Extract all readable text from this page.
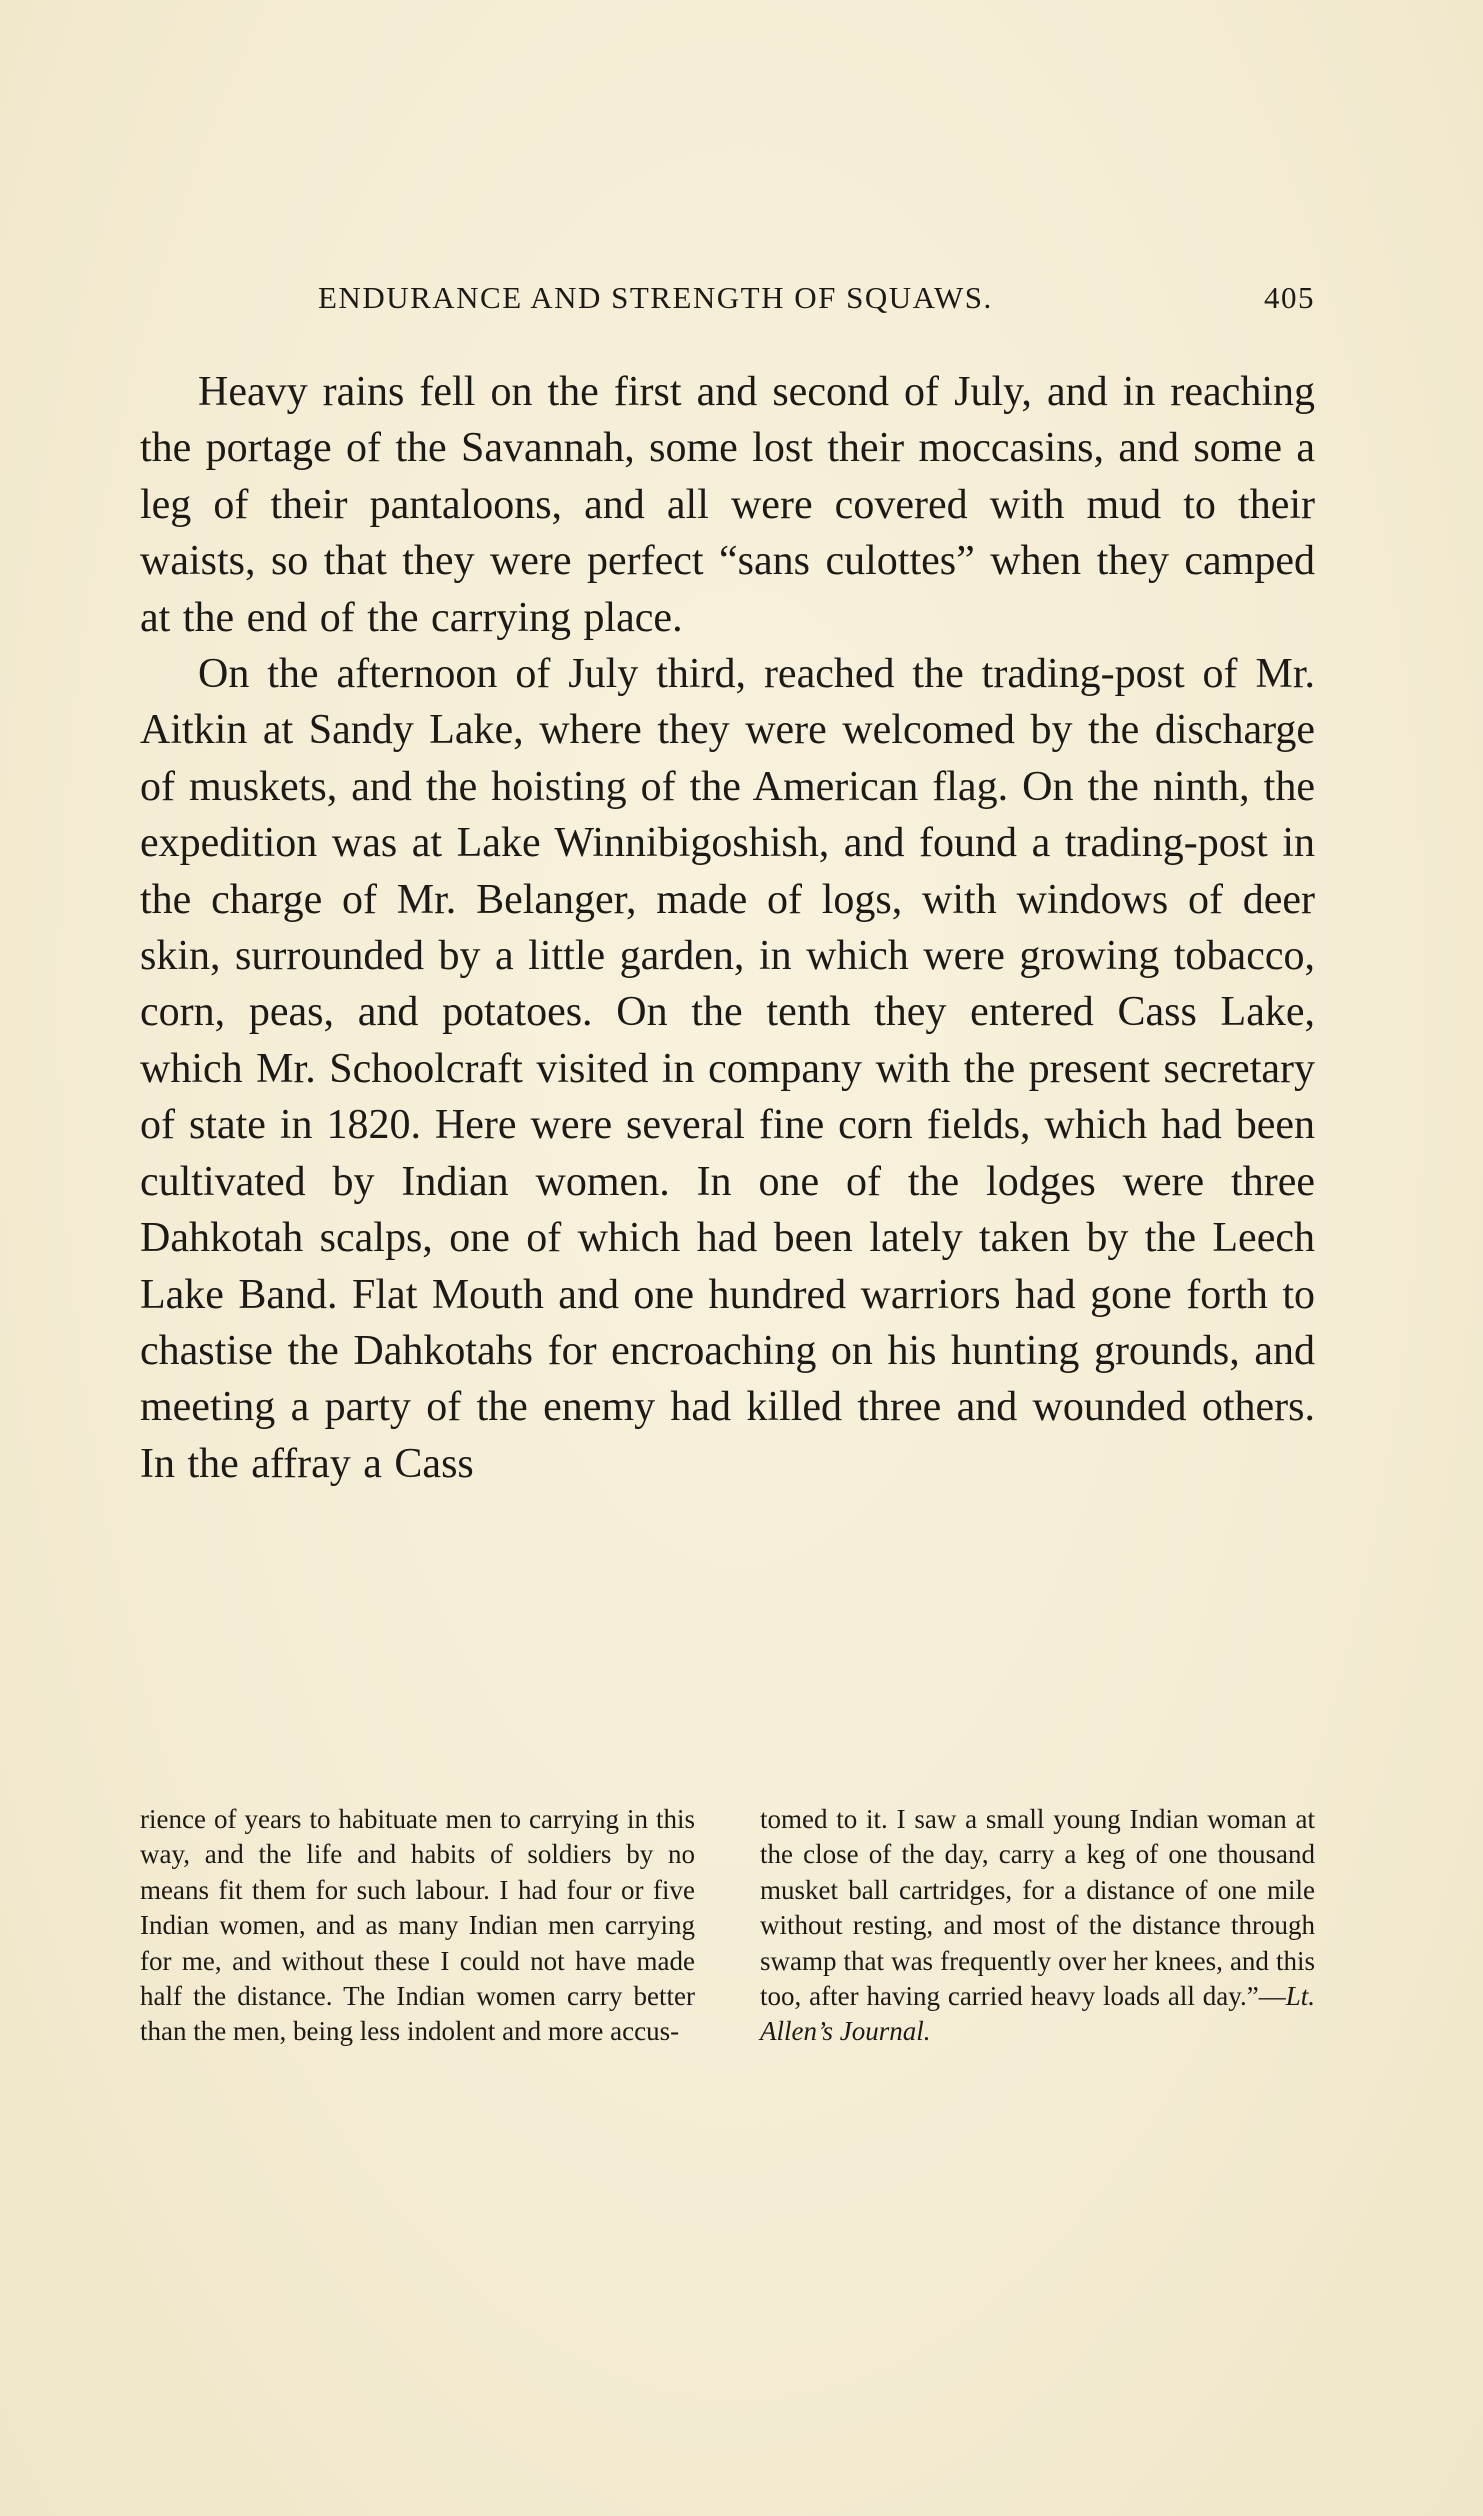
ENDURANCE AND STRENGTH OF SQUAWS.	405

Heavy rains fell on the first and second of July, and in reaching the portage of the Savannah, some lost their moccasins, and some a leg of their pantaloons, and all were covered with mud to their waists, so that they were perfect “sans culottes” when they camped at the end of the carrying place.

On the afternoon of July third, reached the trading-post of Mr. Aitkin at Sandy Lake, where they were welcomed by the discharge of muskets, and the hoisting of the American flag. On the ninth, the expedition was at Lake Winnibigoshish, and found a trading-post in the charge of Mr. Belanger, made of logs, with windows of deer skin, surrounded by a little garden, in which were growing tobacco, corn, peas, and potatoes. On the tenth they entered Cass Lake, which Mr. Schoolcraft visited in company with the present secretary of state in 1820. Here were several fine corn fields, which had been cultivated by Indian women. In one of the lodges were three Dahkotah scalps, one of which had been lately taken by the Leech Lake Band. Flat Mouth and one hundred warriors had gone forth to chastise the Dahkotahs for encroaching on his hunting grounds, and meeting a party of the enemy had killed three and wounded others. In the affray a Cass

rience of years to habituate men to carrying in this way, and the life and habits of soldiers by no means fit them for such labour. I had four or five Indian women, and as many Indian men carrying for me, and without these I could not have made half the distance. The Indian women carry better than the men, being less indolent and more accus-
tomed to it. I saw a small young Indian woman at the close of the day, carry a keg of one thousand musket ball cartridges, for a distance of one mile without resting, and most of the distance through swamp that was frequently over her knees, and this too, after having carried heavy loads all day.”—Lt. Allen’s Journal.
